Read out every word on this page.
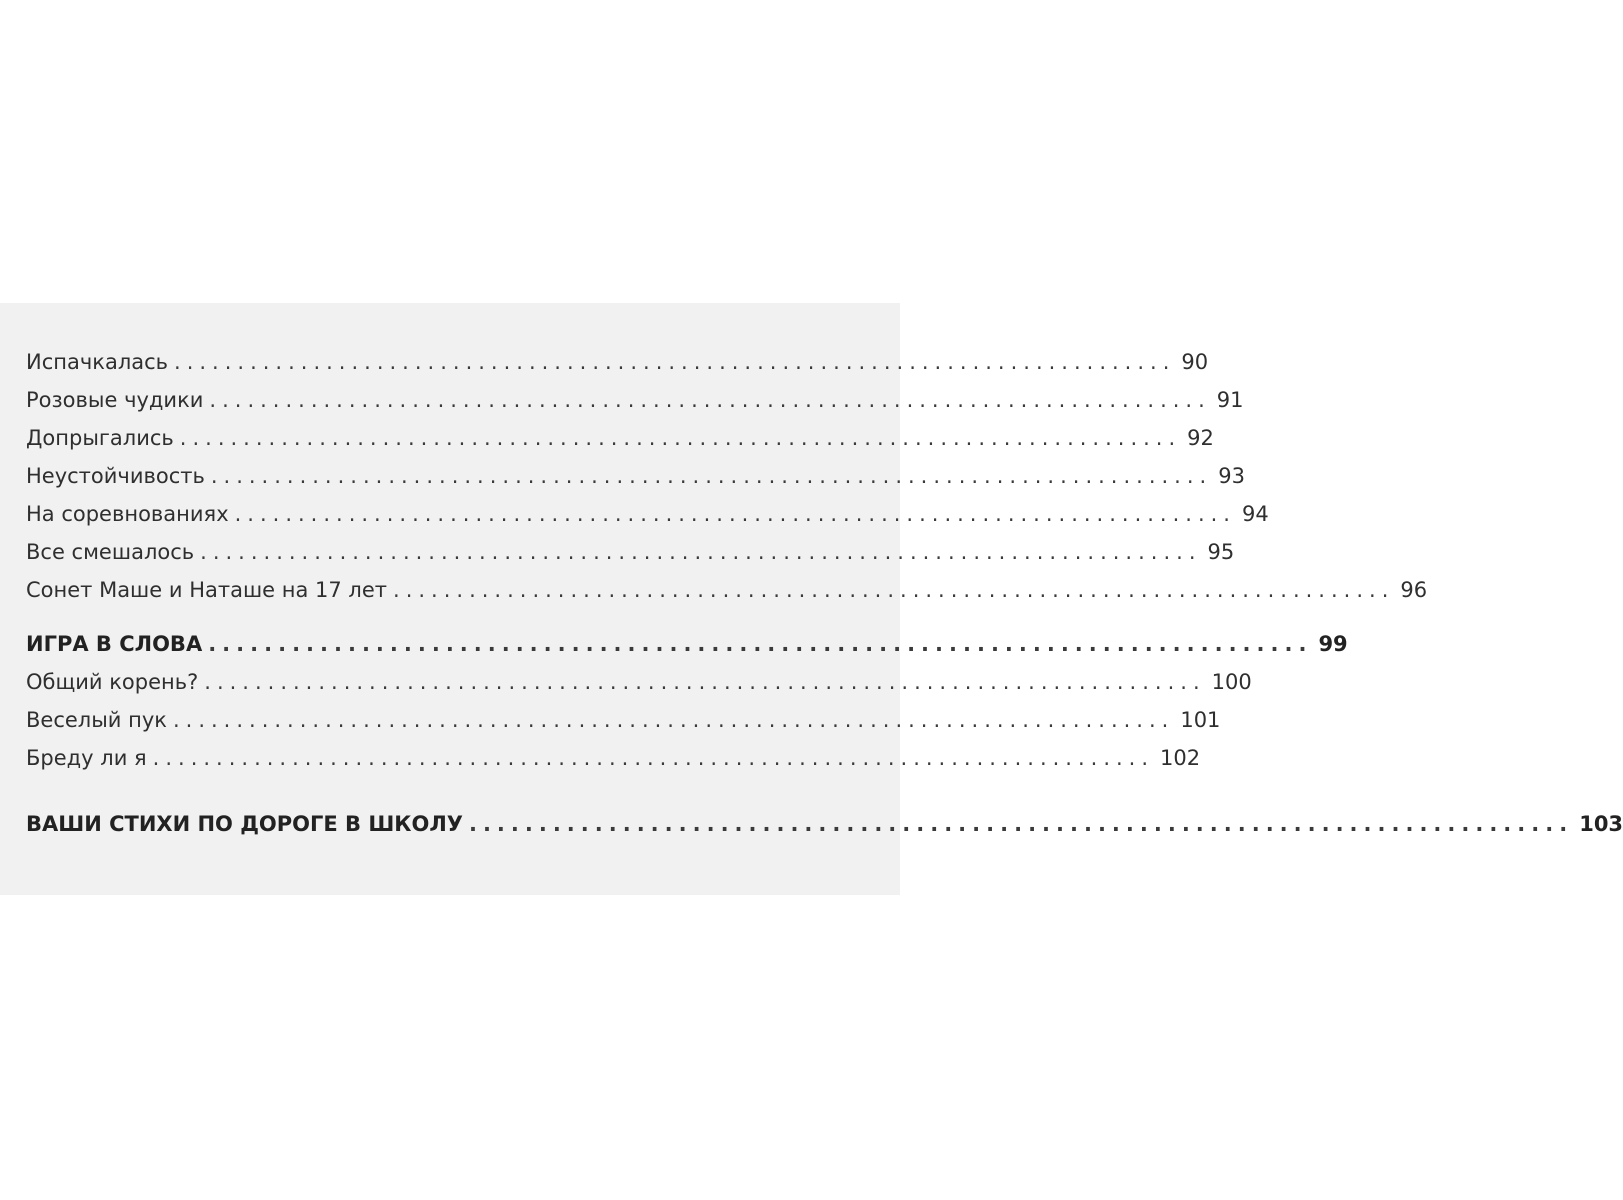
Испачкалась ............................................................................... 90
Розовые чудики ............................................................................... 91
Допрыгались ............................................................................... 92
Неустойчивость ............................................................................... 93
На соревнованиях ............................................................................... 94
Все смешалось ............................................................................... 95
Сонет Маше и Наташе на 17 лет ............................................................................... 96
ИГРА В СЛОВА ............................................................................... 99
Общий корень? ............................................................................... 100
Веселый пук ............................................................................... 101
Бреду ли я ............................................................................... 102
ВАШИ СТИХИ ПО ДОРОГЕ В ШКОЛУ ............................................................................... 103
